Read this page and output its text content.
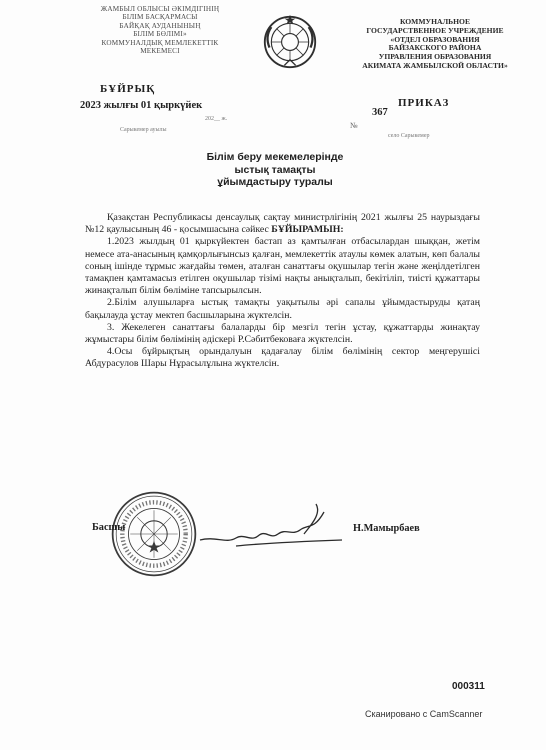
ЖАМБЫЛ ОБЛЫСЫ ӘКІМДІГІНІҢ
БІЛІМ БАСҚАРМАСЫ
БАЙҚАҚ АУДАНЫНЫҢ
БІЛІМ БӨЛІМІ»
КОММУНАЛДЫҚ МЕМЛЕКЕТТІК
МЕКЕМЕСІ
КОММУНАЛЬНОЕ
ГОСУДАРСТВЕННОЕ УЧРЕЖДЕНИЕ
«ОТДЕЛ ОБРАЗОВАНИЯ
БАЙЗАКСКОГО РАЙОНА
УПРАВЛЕНИЯ ОБРАЗОВАНИЯ
АКИМАТА ЖАМБЫЛСКОЙ ОБЛАСТИ»
БҰЙРЫҚ
2023 жылғы 01 қыркүйек
202__ ж.
Сарыкемер ауылы
ПРИКАЗ
367
№
село Сарыкемер
Білім беру мекемелерінде
ыстық тамақты
ұйымдастыру туралы

Қазақстан Республикасы денсаулық сақтау министрлігінің 2021 жылғы 25 наурыздағы №12 қаулысының 46 - қосымшасына сәйкес БҰЙЫРАМЫН:

1.2023 жылдың 01 қыркүйектен бастап аз қамтылған отбасылардан шыққан, жетім немесе ата-анасының қамқорлығынсыз қалған, мемлекеттік атаулы көмек алатын, көп балалы соның ішінде тұрмыс жағдайы төмен, аталған санаттағы оқушылар тегін және жеңілдетілген тамақпен қамтамасыз етілген оқушылар тізімі нақты анықталып, бекітіліп, тиісті құжаттары жинақталып білім бөліміне тапсырылсын.

2.Білім алушыларға ыстық тамақты уақытылы әрі сапалы ұйымдастыруды қатаң бақылауда ұстау мектеп басшыларына жүктелсін.

3. Жекелеген санаттағы балаларды бір мезгіл тегін ұстау, құжаттарды жинақтау жұмыстары білім бөлімінің әдіскері Р.Сәбитбековаға жүктелсін.

4.Осы бұйрықтың орындалуын қадағалау білім бөлімінің сектор меңгерушісі Абдурасулов Шары Нұрасылұлына жүктелсін.

Басшы	Н.Мамырбаев
000311
Сканировано с CamScanner
